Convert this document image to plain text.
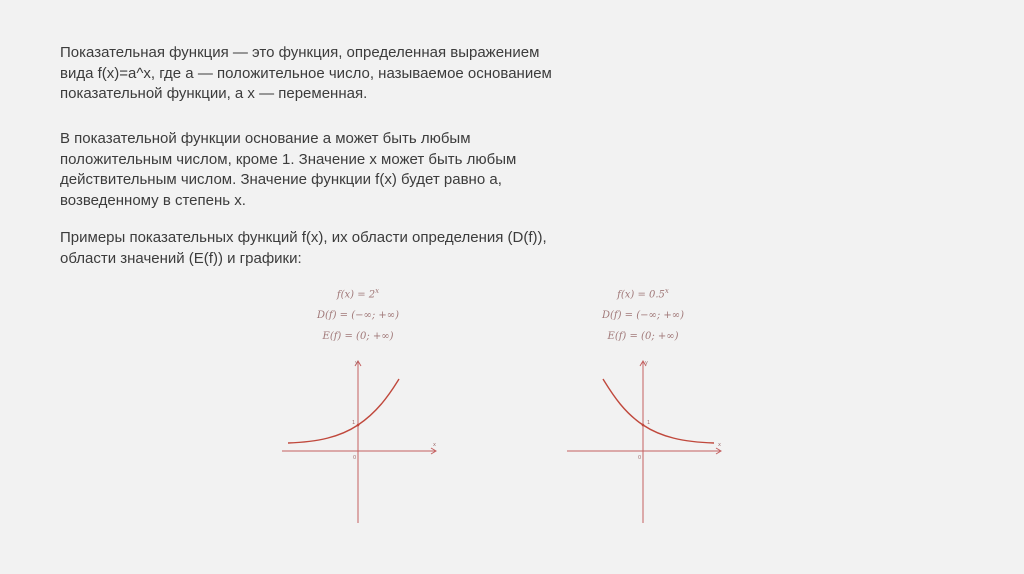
Показательная функция — это функция, определенная выражением вида f(x)=a^x, где a — положительное число, называемое основанием показательной функции, а x — переменная.

В показательной функции основание a может быть любым положительным числом, кроме 1. Значение x может быть любым действительным числом. Значение функции f(x) будет равно a, возведенному в степень x.

Примеры показательных функций f(x), их области определения (D(f)), области значений (E(f)) и графики:

$f(x) = 2^x$
D(f) = (−∞; +∞)
E(f) = (0; +∞)
$f(x) = 0.5^x$
D(f) = (−∞; +∞)
E(f) = (0; +∞)
y
x
0
1
y
x
0
1
